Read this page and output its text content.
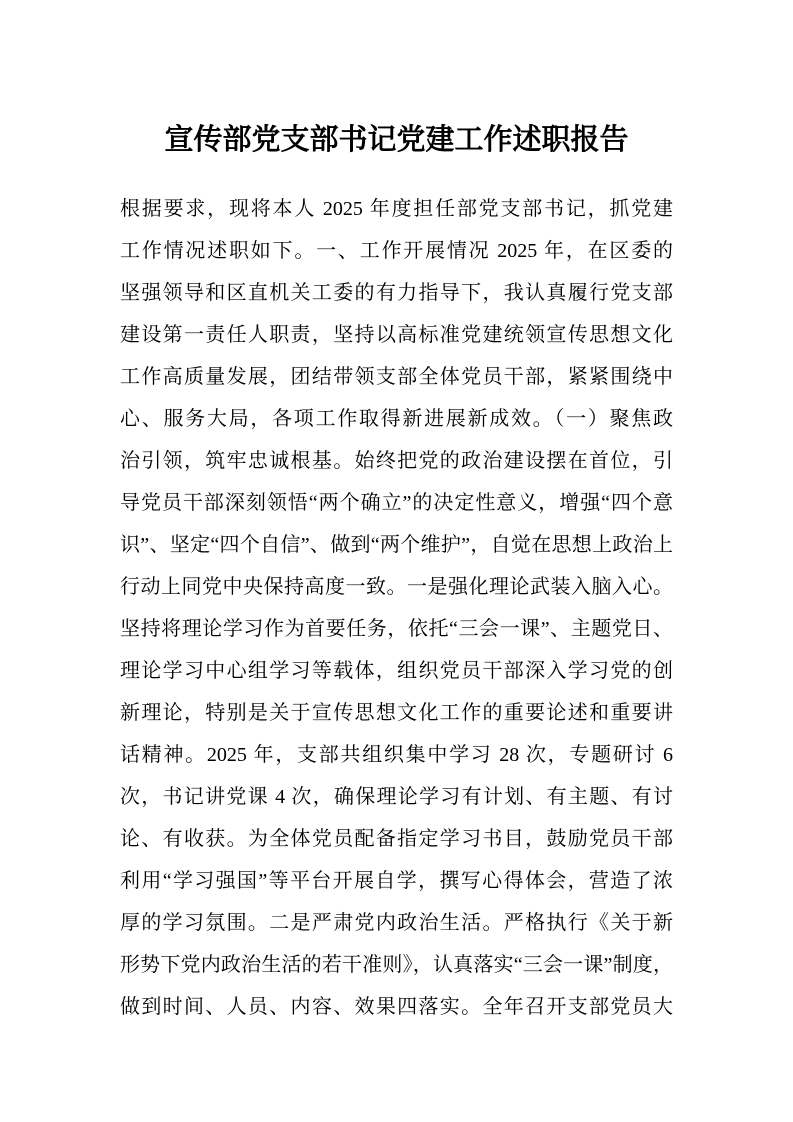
宣传部党支部书记党建工作述职报告
根据要求，现将本人 2025 年度担任部党支部书记，抓党建
工作情况述职如下。一、工作开展情况 2025 年，在区委的
坚强领导和区直机关工委的有力指导下，我认真履行党支部
建设第一责任人职责，坚持以高标准党建统领宣传思想文化
工作高质量发展，团结带领支部全体党员干部，紧紧围绕中
心、服务大局，各项工作取得新进展新成效。（一）聚焦政
治引领，筑牢忠诚根基。始终把党的政治建设摆在首位，引
导党员干部深刻领悟“两个确立”的决定性意义，增强“四个意
识”、坚定“四个自信”、做到“两个维护”，自觉在思想上政治上
行动上同党中央保持高度一致。一是强化理论武装入脑入心。
坚持将理论学习作为首要任务，依托“三会一课”、主题党日、
理论学习中心组学习等载体，组织党员干部深入学习党的创
新理论，特别是关于宣传思想文化工作的重要论述和重要讲
话精神。2025 年，支部共组织集中学习 28 次，专题研讨 6
次，书记讲党课 4 次，确保理论学习有计划、有主题、有讨
论、有收获。为全体党员配备指定学习书目，鼓励党员干部
利用“学习强国”等平台开展自学，撰写心得体会，营造了浓
厚的学习氛围。二是严肃党内政治生活。严格执行《关于新
形势下党内政治生活的若干准则》，认真落实“三会一课”制度，
做到时间、人员、内容、效果四落实。全年召开支部党员大
